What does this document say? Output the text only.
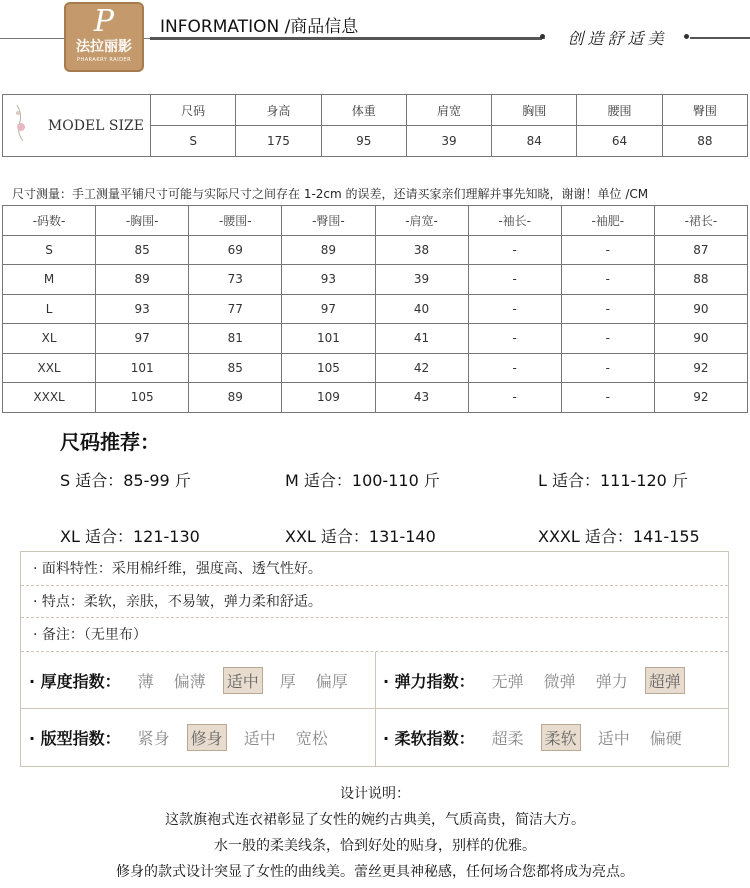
P
法拉丽影
PHARAKRY RAIDER
INFORMATION /商品信息
创造舒适美
MODEL SIZE	尺码	身高	体重	肩宽	胸围	腰围	臀围
	S	175	95	39	84	64	88
尺寸测量：手工测量平铺尺寸可能与实际尺寸之间存在 1-2cm 的误差，还请买家亲们理解并事先知晓，谢谢！单位 /CM
-码数-	-胸围-	-腰围-	-臀围-	-肩宽-	-袖长-	-袖肥-	-裙长-
S	85	69	89	38	-	-	87
M	89	73	93	39	-	-	88
L	93	77	97	40	-	-	90
XL	97	81	101	41	-	-	90
XXL	101	85	105	42	-	-	92
XXXL	105	89	109	43	-	-	92
尺码推荐：
S 适合：85-99 斤	M 适合：100-110 斤	L 适合：111-120 斤
XL 适合：121-130	XXL 适合：131-140	XXXL 适合：141-155
· 面料特性：采用棉纤维，强度高、透气性好。
· 特点：柔软，亲肤，不易皱，弹力柔和舒适。
· 备注：（无里布）
· 厚度指数： 薄 偏薄 适中 厚 偏厚 · 弹力指数： 无弹 微弹 弹力 超弹
· 版型指数： 紧身 修身 适中 宽松	· 柔软指数： 超柔 柔软 适中 偏硬
设计说明：
这款旗袍式连衣裙彰显了女性的婉约古典美，气质高贵，简洁大方。
水一般的柔美线条，恰到好处的贴身，别样的优雅。
修身的款式设计突显了女性的曲线美。蕾丝更具神秘感，任何场合您都将成为亮点。
